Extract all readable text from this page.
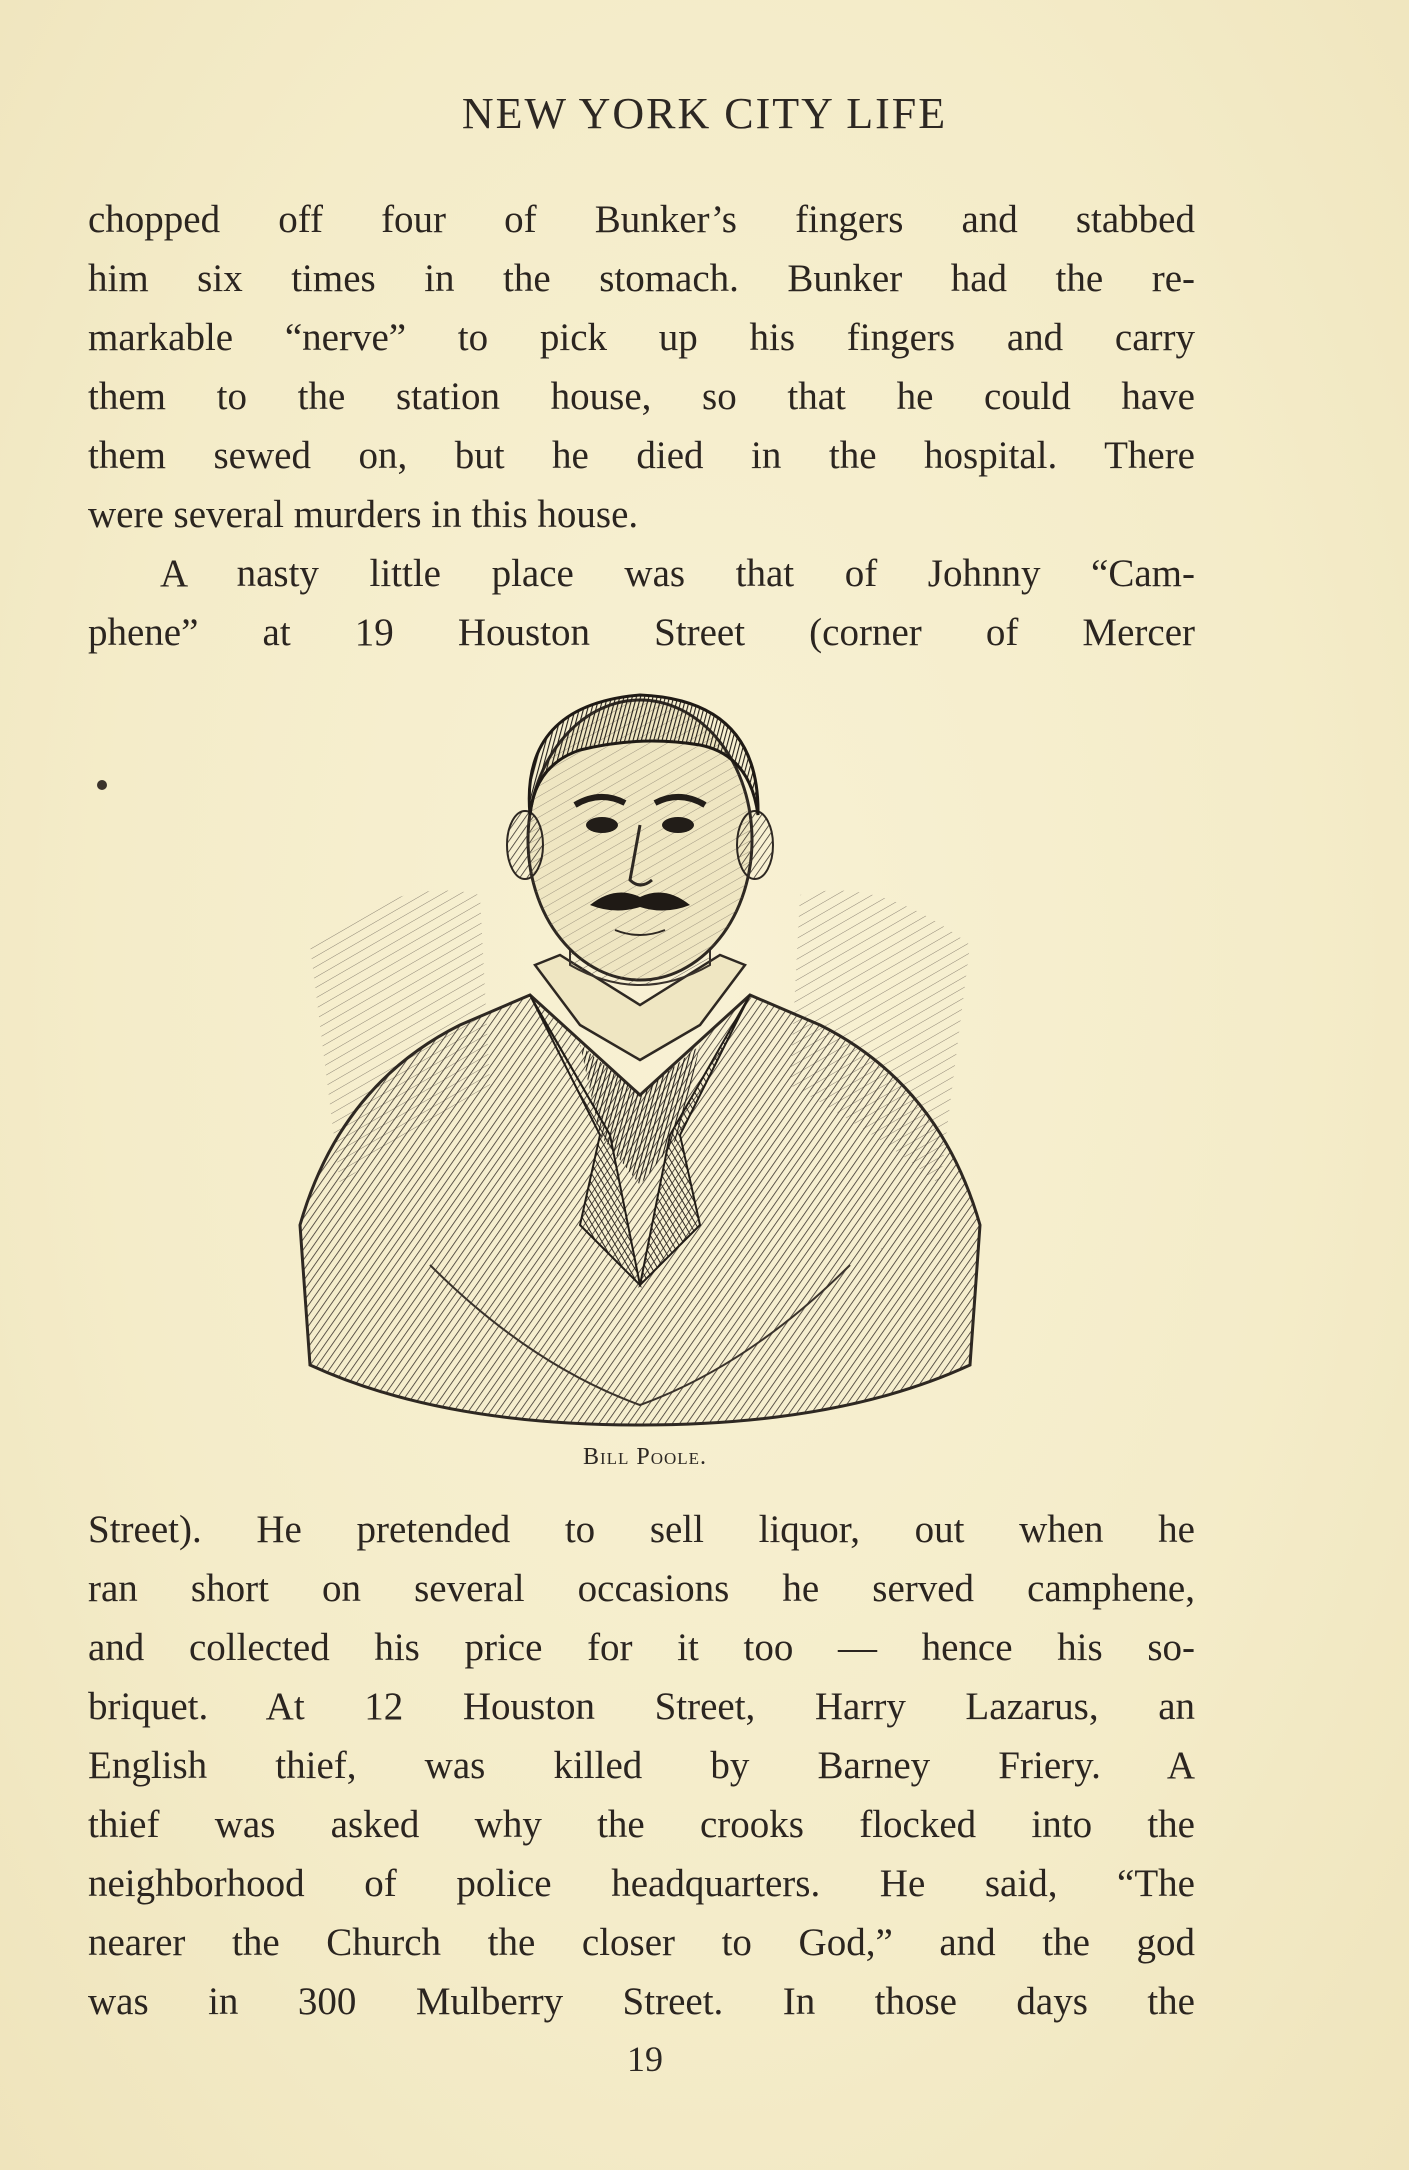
NEW YORK CITY LIFE
chopped off four of Bunker’s fingers and stabbed
him six times in the stomach. Bunker had the re-
markable “nerve” to pick up his fingers and carry
them to the station house, so that he could have
them sewed on, but he died in the hospital. There
were several murders in this house.
A nasty little place was that of Johnny “Cam-
phene” at 19 Houston Street (corner of Mercer
Bill Poole.
Street). He pretended to sell liquor, out when he
ran short on several occasions he served camphene,
and collected his price for it too — hence his so-
briquet. At 12 Houston Street, Harry Lazarus, an
English thief, was killed by Barney Friery. A
thief was asked why the crooks flocked into the
neighborhood of police headquarters. He said, “The
nearer the Church the closer to God,” and the god
was in 300 Mulberry Street. In those days the
19
